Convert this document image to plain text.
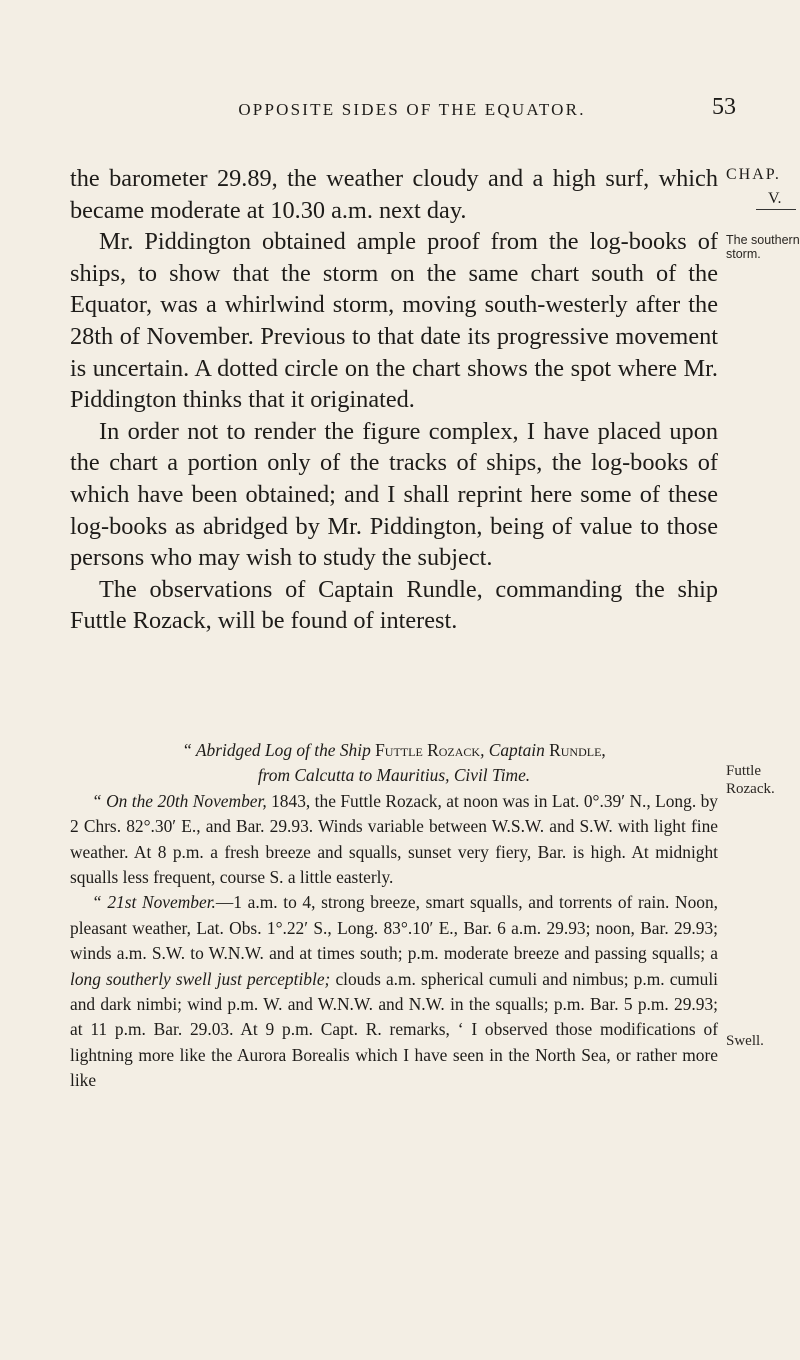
OPPOSITE SIDES OF THE EQUATOR.	53
CHAP.
V.
The southern storm.
Futtle Rozack.
Swell.

the barometer 29.89, the weather cloudy and a high surf, which became moderate at 10.30 a.m. next day.

Mr. Piddington obtained ample proof from the log-books of ships, to show that the storm on the same chart south of the Equator, was a whirlwind storm, moving south-westerly after the 28th of November. Previous to that date its progressive movement is uncertain. A dotted circle on the chart shows the spot where Mr. Piddington thinks that it originated.

In order not to render the figure complex, I have placed upon the chart a portion only of the tracks of ships, the log-books of which have been obtained; and I shall reprint here some of these log-books as abridged by Mr. Piddington, being of value to those persons who may wish to study the subject.

The observations of Captain Rundle, commanding the ship Futtle Rozack, will be found of interest.

“ Abridged Log of the Ship Futtle Rozack, Captain Rundle,
from Calcutta to Mauritius, Civil Time.

“ On the 20th November, 1843, the Futtle Rozack, at noon was in Lat. 0°.39′ N., Long. by 2 Chrs. 82°.30′ E., and Bar. 29.93. Winds variable between W.S.W. and S.W. with light fine weather. At 8 p.m. a fresh breeze and squalls, sunset very fiery, Bar. is high. At midnight squalls less frequent, course S. a little easterly.

“ 21st November.—1 a.m. to 4, strong breeze, smart squalls, and torrents of rain. Noon, pleasant weather, Lat. Obs. 1°.22′ S., Long. 83°.10′ E., Bar. 6 a.m. 29.93; noon, Bar. 29.93; winds a.m. S.W. to W.N.W. and at times south; p.m. moderate breeze and passing squalls; a long southerly swell just perceptible; clouds a.m. spherical cumuli and nimbus; p.m. cumuli and dark nimbi; wind p.m. W. and W.N.W. and N.W. in the squalls; p.m. Bar. 5 p.m. 29.93; at 11 p.m. Bar. 29.03. At 9 p.m. Capt. R. remarks, ‘ I observed those modifications of lightning more like the Aurora Borealis which I have seen in the North Sea, or rather more like
